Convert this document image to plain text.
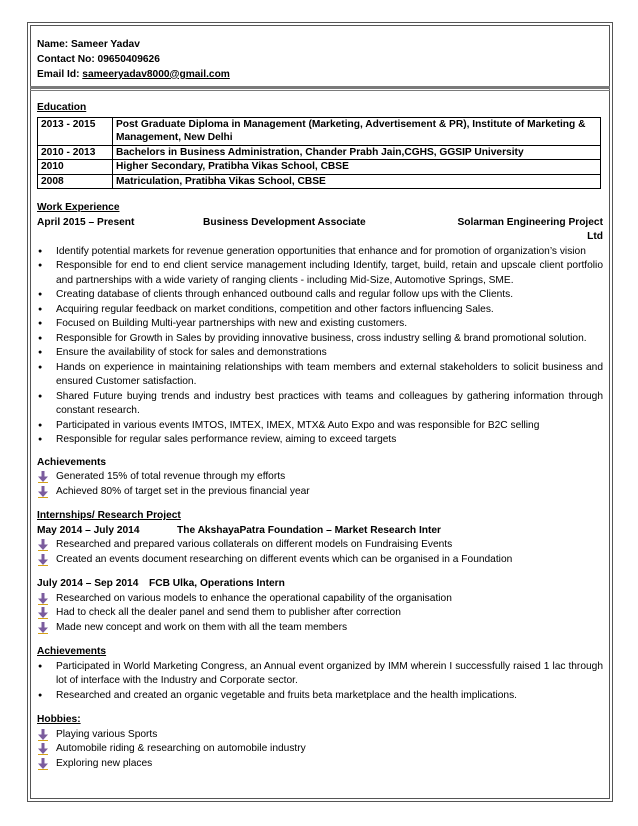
Name: Sameer Yadav
Contact No: 09650409626
Email Id: sameeryadav8000@gmail.com
Education
2013 - 2015	Post Graduate Diploma in Management (Marketing, Advertisement & PR), Institute of Marketing & Management, New Delhi
2010 - 2013	Bachelors in Business Administration, Chander Prabh Jain,CGHS, GGSIP University
2010	Higher Secondary, Pratibha Vikas School, CBSE
2008	Matriculation, Pratibha Vikas School, CBSE
Work Experience
April 2015 – Present	Business Development Associate	Solarman Engineering Project Ltd
● Identify potential markets for revenue generation opportunities that enhance and for promotion of organization’s vision
● Responsible for end to end client service management including Identify, target, build, retain and upscale client portfolio and partnerships with a wide variety of ranging clients - including Mid-Size, Automotive Springs, SME.
● Creating database of clients through enhanced outbound calls and regular follow ups with the Clients.
● Acquiring regular feedback on market conditions, competition and other factors influencing Sales.
● Focused on Building Multi-year partnerships with new and existing customers.
● Responsible for Growth in Sales by providing innovative business, cross industry selling & brand promotional solution.
● Ensure the availability of stock for sales and demonstrations
● Hands on experience in maintaining relationships with team members and external stakeholders to solicit business and ensured Customer satisfaction.
● Shared Future buying trends and industry best practices with teams and colleagues by gathering information through constant research.
● Participated in various events IMTOS, IMTEX, IMEX, MTX& Auto Expo and was responsible for B2C selling
● Responsible for regular sales performance review, aiming to exceed targets
Achievements
Generated 15% of total revenue through my efforts
Achieved 80% of target set in the previous financial year
Internships/ Research Project
May 2014 – July 2014	The AkshayaPatra Foundation – Market Research Inter
Researched and prepared various collaterals on different models on Fundraising Events
Created an events document researching on different events which can be organised in a Foundation
July 2014 – Sep 2014	FCB Ulka, Operations Intern
Researched on various models to enhance the operational capability of the organisation
Had to check all the dealer panel and send them to publisher after correction
Made new concept and work on them with all the team members
Achievements
● Participated in World Marketing Congress, an Annual event organized by IMM wherein I successfully raised 1 lac through lot of interface with the Industry and Corporate sector.
● Researched and created an organic vegetable and fruits beta marketplace and the health implications.
Hobbies:
Playing various Sports
Automobile riding & researching on automobile industry
Exploring new places
